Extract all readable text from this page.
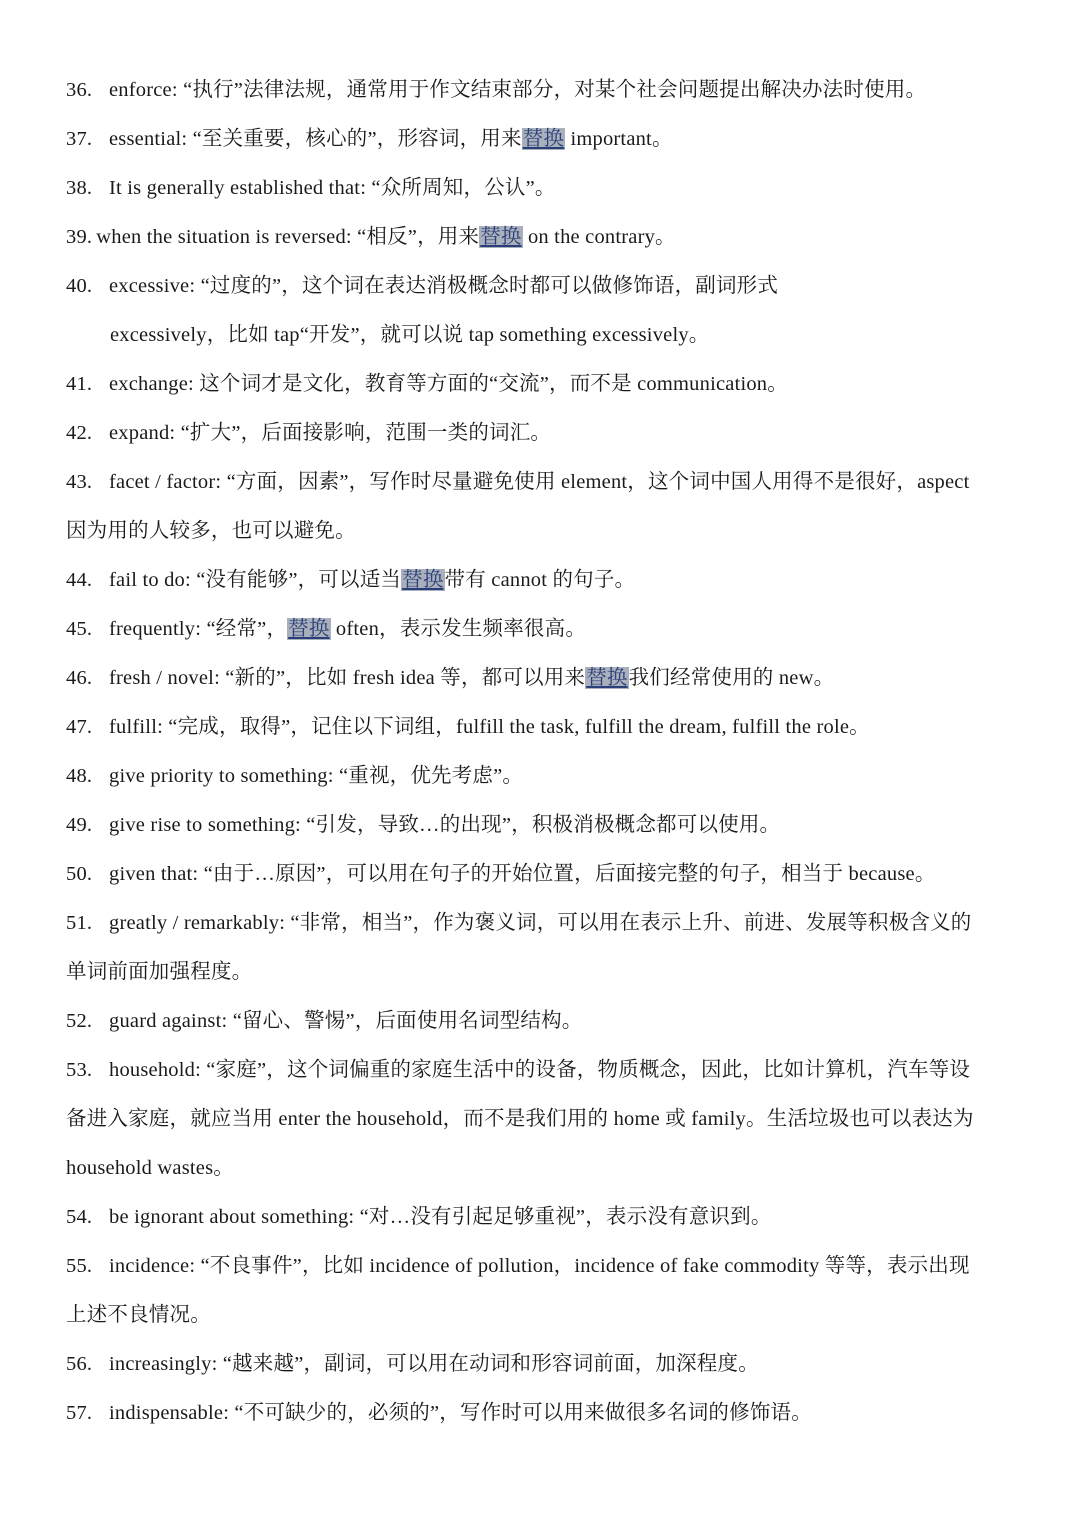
36. enforce: “执行”法律法规，通常用于作文结束部分，对某个社会问题提出解决办法时使用。
37. essential: “至关重要，核心的”，形容词，用来替换 important。
38. It is generally established that: “众所周知，公认”。
39. when the situation is reversed: “相反”，用来替换 on the contrary。
40. excessive: “过度的”，这个词在表达消极概念时都可以做修饰语，副词形式
excessively，比如 tap“开发”，就可以说 tap something excessively。
41. exchange: 这个词才是文化，教育等方面的“交流”，而不是 communication。
42. expand: “扩大”，后面接影响，范围一类的词汇。
43. facet / factor: “方面，因素”，写作时尽量避免使用 element，这个词中国人用得不是很好，aspect
因为用的人较多，也可以避免。
44. fail to do: “没有能够”，可以适当替换带有 cannot 的句子。
45. frequently: “经常”，替换 often，表示发生频率很高。
46. fresh / novel: “新的”，比如 fresh idea 等，都可以用来替换我们经常使用的 new。
47. fulfill: “完成，取得”，记住以下词组，fulfill the task, fulfill the dream, fulfill the role。
48. give priority to something: “重视，优先考虑”。
49. give rise to something: “引发，导致…的出现”，积极消极概念都可以使用。
50. given that: “由于…原因”，可以用在句子的开始位置，后面接完整的句子，相当于 because。
51. greatly / remarkably: “非常，相当”，作为褒义词，可以用在表示上升、前进、发展等积极含义的
单词前面加强程度。
52. guard against: “留心、警惕”，后面使用名词型结构。
53. household: “家庭”，这个词偏重的家庭生活中的设备，物质概念，因此，比如计算机，汽车等设
备进入家庭，就应当用 enter the household，而不是我们用的 home 或 family。生活垃圾也可以表达为
household wastes。
54. be ignorant about something: “对…没有引起足够重视”，表示没有意识到。
55. incidence: “不良事件”，比如 incidence of pollution，incidence of fake commodity 等等，表示出现
上述不良情况。
56. increasingly: “越来越”，副词，可以用在动词和形容词前面，加深程度。
57. indispensable: “不可缺少的，必须的”，写作时可以用来做很多名词的修饰语。
